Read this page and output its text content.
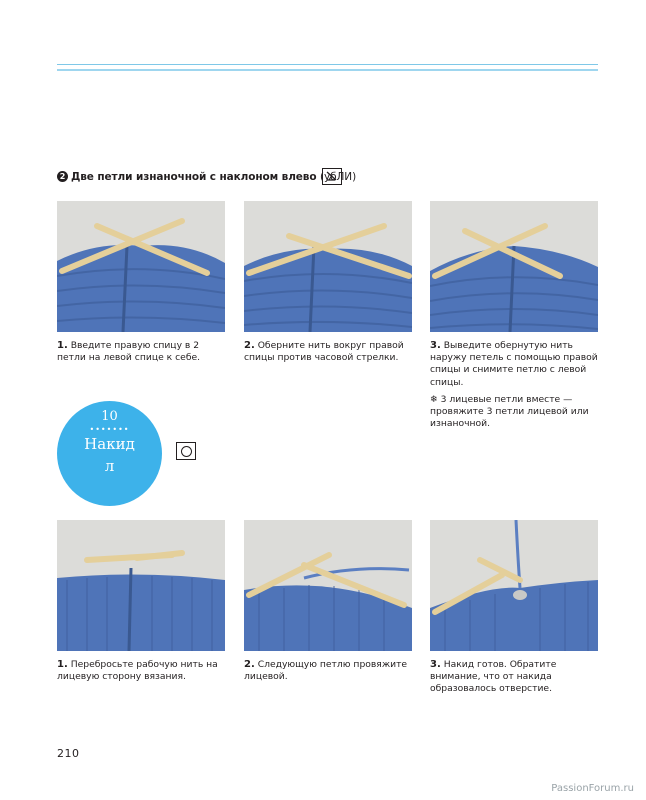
2 Две петли изнаночной с наклоном влево (убЛИ)
1. Введите правую спицу в 2 петли на левой спице к себе.
2. Оберните нить вокруг правой спицы против часовой стрелки.
3. Выведите обернутую нить наружу петель с помощью правой спицы и снимите петлю с левой спицы.
❄ 3 лицевые петли вместе — провяжите 3 петли лицевой или изнаночной.
10
•••••••
Накид
л
1. Перебросьте рабочую нить на лицевую сторону вязания.
2. Следующую петлю провяжите лицевой.
3. Накид готов. Обратите внимание, что от накида образовалось отверстие.
210
PassionForum.ru
